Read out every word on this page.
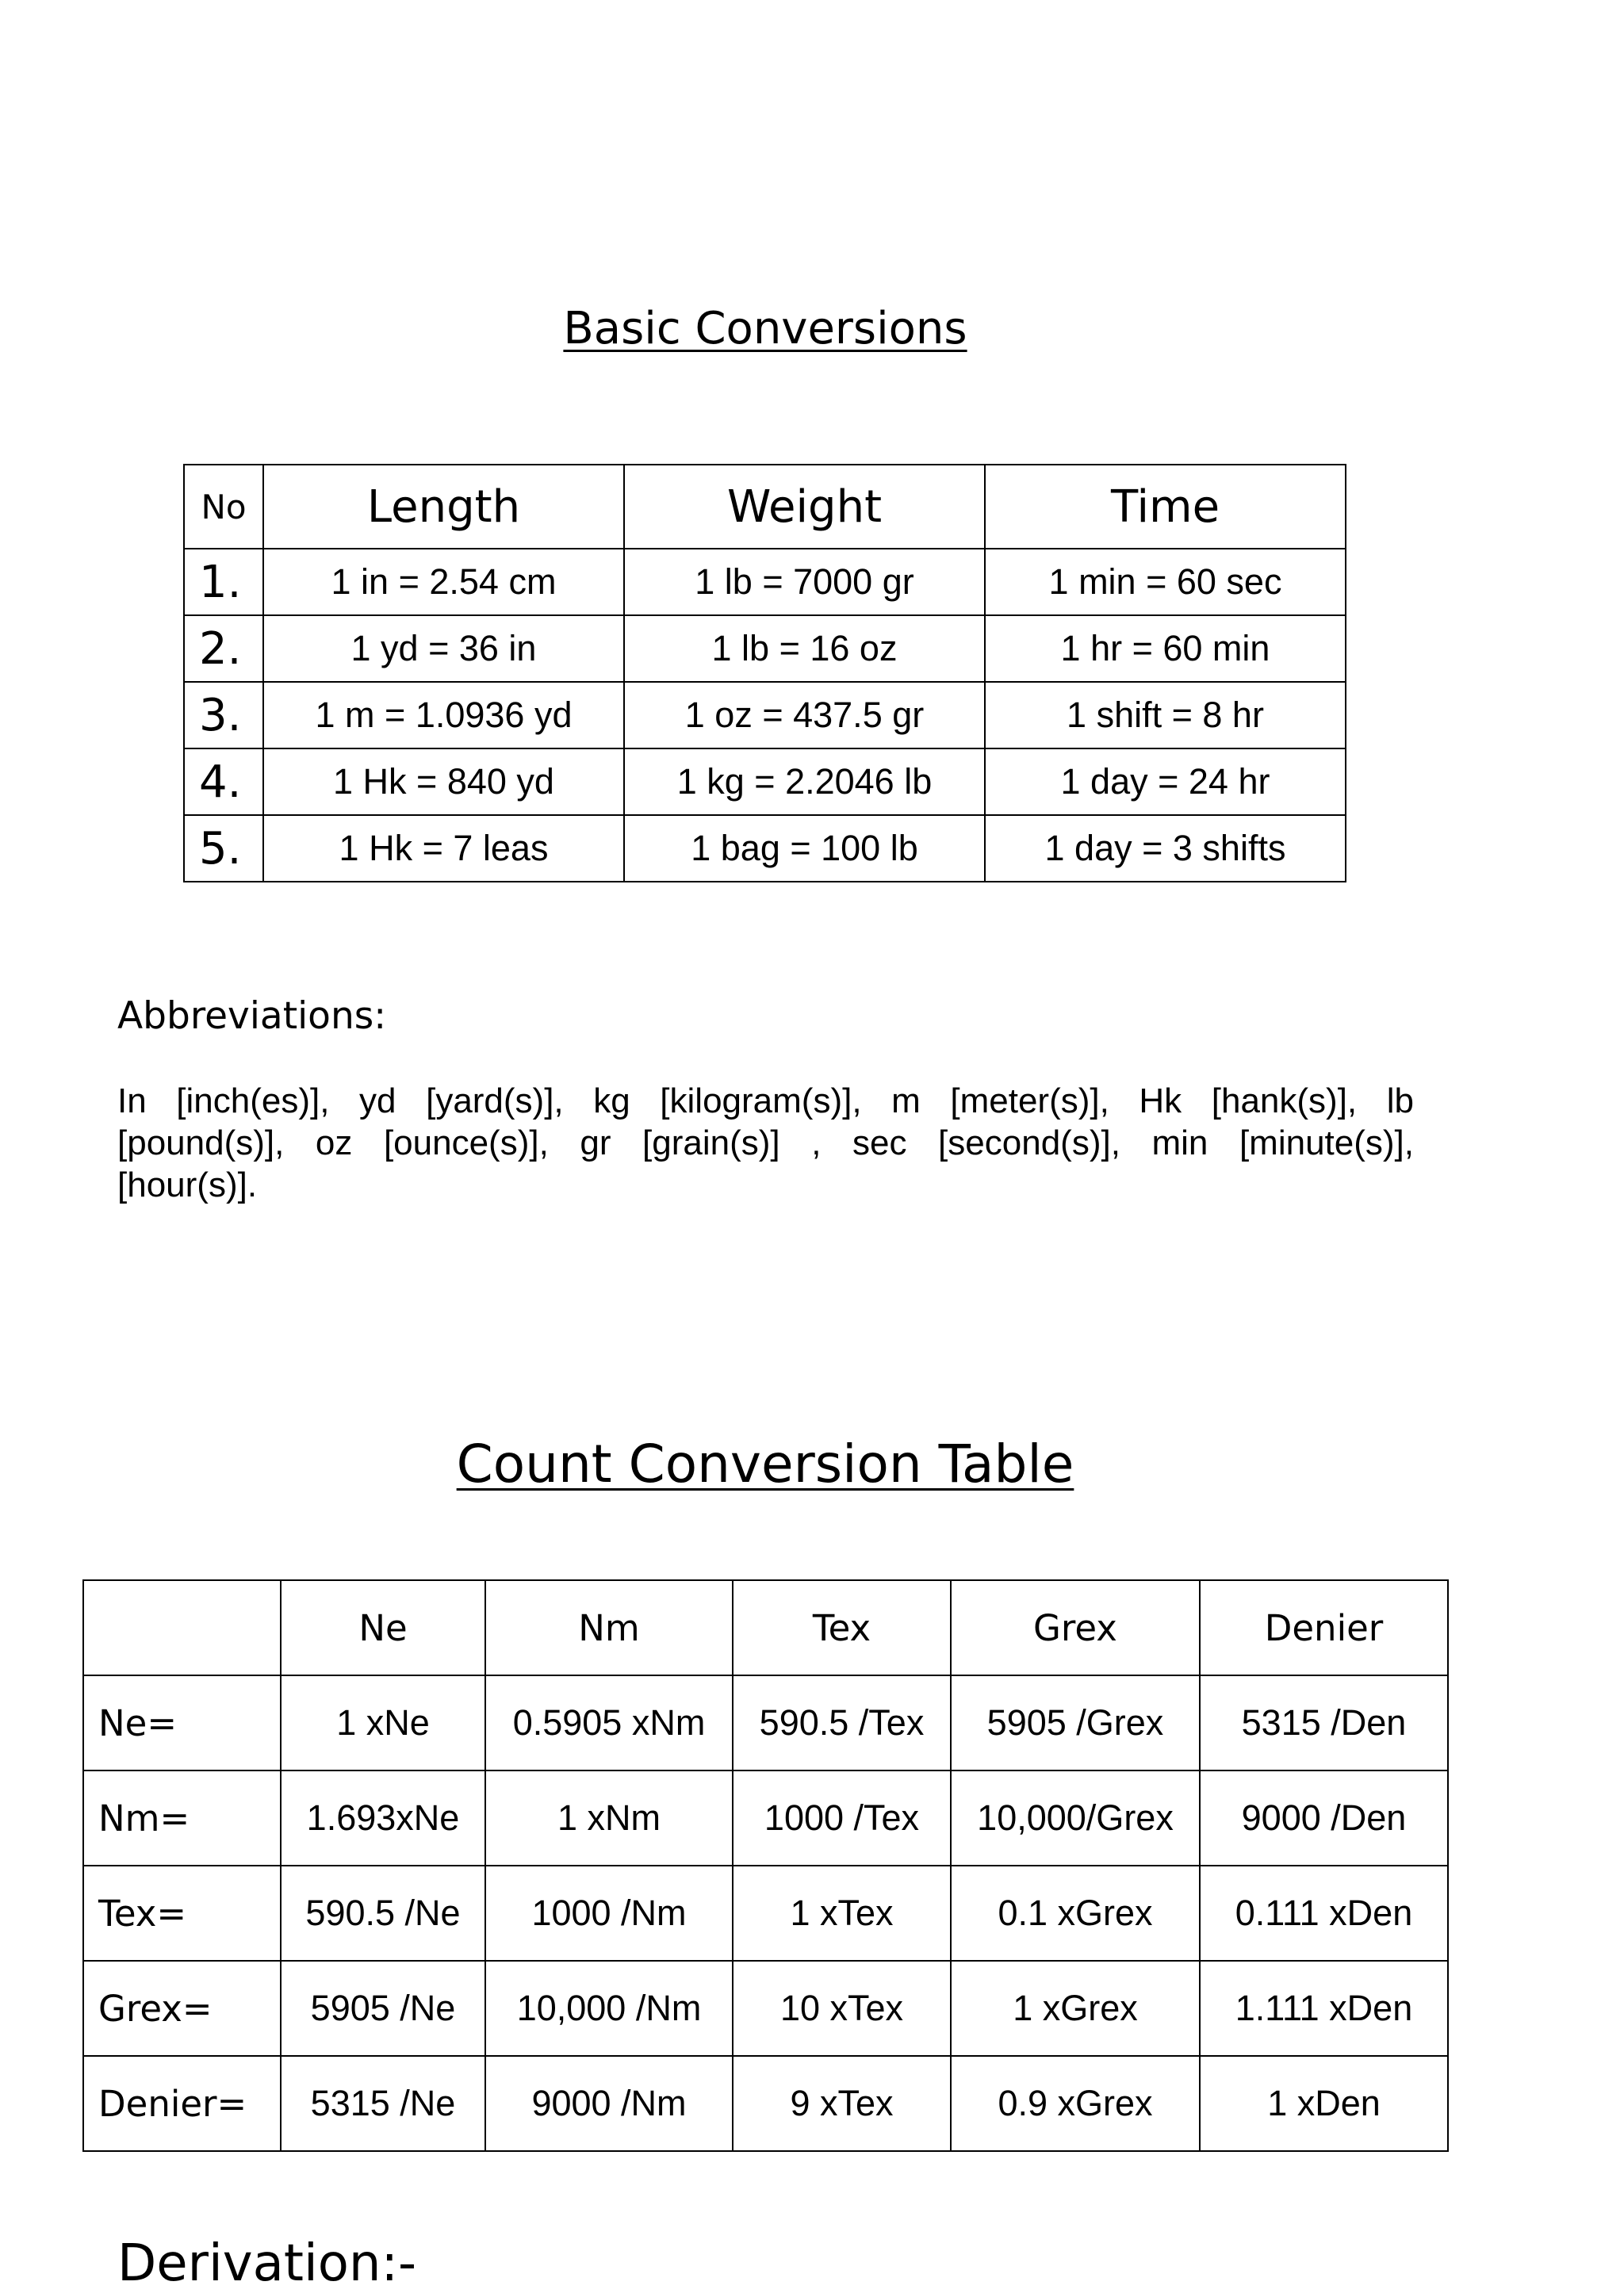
Basic Conversions
No	Length	Weight	Time
1.	1 in = 2.54 cm	1 lb = 7000 gr	1 min = 60 sec
2.	1 yd = 36 in	1 lb = 16 oz	1 hr = 60 min
3.	1 m = 1.0936 yd	1 oz = 437.5 gr	1 shift = 8 hr
4.	1 Hk = 840 yd	1 kg = 2.2046 lb	1 day = 24 hr
5.	1 Hk = 7 leas	1 bag = 100 lb	1 day = 3 shifts
Abbreviations:
In [inch(es)], yd [yard(s)], kg [kilogram(s)], m [meter(s)], Hk [hank(s)], lb [pound(s)], oz [ounce(s)], gr [grain(s)] , sec [second(s)], min [minute(s)], [hour(s)].
Count Conversion Table
	Ne	Nm	Tex	Grex	Denier
Ne=	1 xNe	0.5905 xNm	590.5 /Tex	5905 /Grex	5315 /Den
Nm=	1.693xNe	1 xNm	1000 /Tex	10,000/Grex	9000 /Den
Tex=	590.5 /Ne	1000 /Nm	1 xTex	0.1 xGrex	0.111 xDen
Grex=	5905 /Ne	10,000 /Nm	10 xTex	1 xGrex	1.111 xDen
Denier=	5315 /Ne	9000 /Nm	9 xTex	0.9 xGrex	1 xDen
Derivation:-
